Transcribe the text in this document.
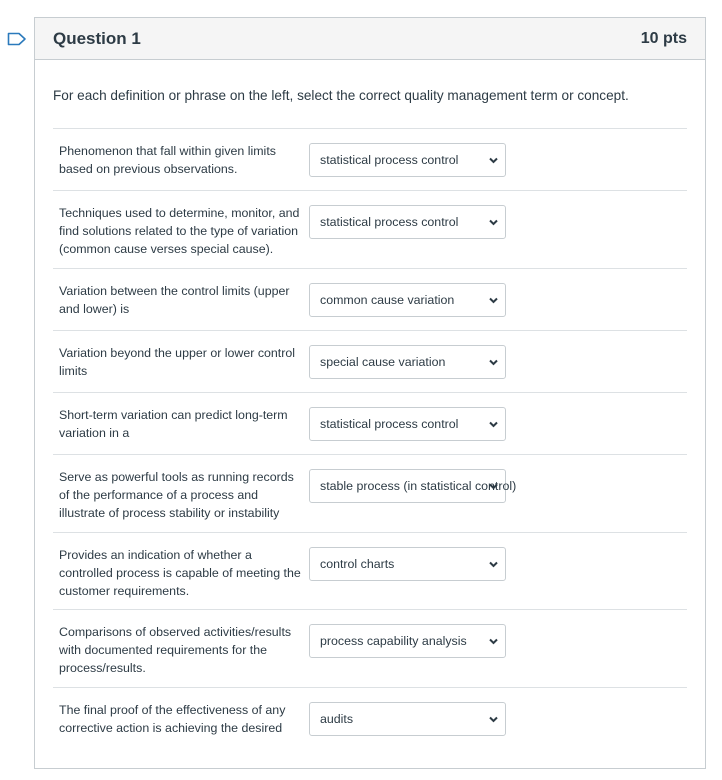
Question 1	10 pts
For each definition or phrase on the left, select the correct quality management term or concept.
Phenomenon that fall within given limits based on previous observations.
statistical process control
Techniques used to determine, monitor, and find solutions related to the type of variation (common cause verses special cause).
statistical process control
Variation between the control limits (upper and lower) is
common cause variation
Variation beyond the upper or lower control limits
special cause variation
Short-term variation can predict long-term variation in a
statistical process control
Serve as powerful tools as running records of the performance of a process and illustrate of process stability or instability
stable process (in statistical control)
Provides an indication of whether a controlled process is capable of meeting the customer requirements.
control charts
Comparisons of observed activities/results with documented requirements for the process/results.
process capability analysis
The final proof of the effectiveness of any corrective action is achieving the desired
audits
